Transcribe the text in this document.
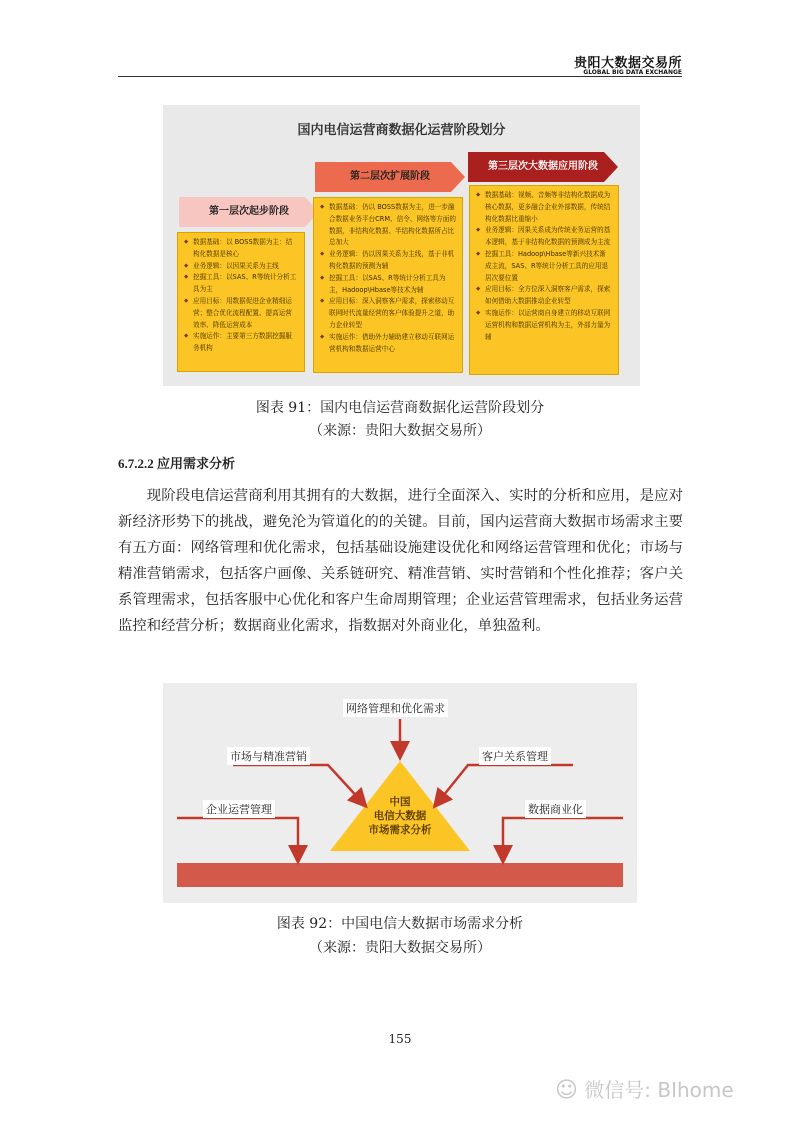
贵阳大数据交易所
GLOBAL BIG DATA EXCHANGE
国内电信运营商数据化运营阶段划分
第一层次起步阶段
第二层次扩展阶段
第三层次大数据应用阶段
◆ 数据基础：以 BOSS数据为主：结构化数据是核心
◆ 业务逻辑：以因果关系为主线
◆ 挖掘工具：以SAS、R等统计分析工具为主
◆ 应用目标：用数据促进企业精细运营；整合优化流程配置、提高运营效率、降低运营成本
◆ 实施运作：主要第三方数据挖掘服务机构
◆ 数据基础：仍以 BOSS数据为主，进一步融合数据业务平台CRM、信令、网络等方面的数据，非结构化数据、半结构化数据所占比总加大
◆ 业务逻辑：仍以因果关系为主线，基于非机构化数据的预测为辅
◆ 挖掘工具：以SAS、R等统计分析工具为主，Hadoop\Hbase等技术为辅
◆ 应用目标：深入洞察客户需求，探索移动互联网时代流量经营的客户体验提升之道，助力企业转型
◆ 实施运作：借助外力辅助建立移动互联网运营机构和数据运营中心
◆ 数据基础：视频、音频等非结构化数据成为核心数据，更多融合企业外部数据，传统结构化数据比重缩小
◆ 业务逻辑：因果关系成为传统业务运营的基本逻辑，基于非结构化数据的预测成为主流
◆ 挖掘工具：Hadoop\Hbase等新兴技术渐成主流，SAS、R等统计分析工具的应用退居次要位置
◆ 应用目标：全方位深入洞察客户需求，探索如何借助大数据推动企业转型
◆ 实施运作：以运营商自身建立的移动互联网运营机构和数据运营机构为主，外部力量为辅
图表 91：国内电信运营商数据化运营阶段划分
（来源：贵阳大数据交易所）
6.7.2.2 应用需求分析

现阶段电信运营商利用其拥有的大数据，进行全面深入、实时的分析和应用，是应对新经济形势下的挑战，避免沦为管道化的的关键。目前，国内运营商大数据市场需求主要有五方面：网络管理和优化需求，包括基础设施建设优化和网络运营管理和优化；市场与精准营销需求，包括客户画像、关系链研究、精准营销、实时营销和个性化推荐；客户关系管理需求，包括客服中心优化和客户生命周期管理；企业运营管理需求，包括业务运营监控和经营分析；数据商业化需求，指数据对外商业化，单独盈利。

网络管理和优化需求
市场与精准营销	客户关系管理
企业运营管理	数据商业化
中国
电信大数据
市场需求分析
图表 92：中国电信大数据市场需求分析
（来源：贵阳大数据交易所）
155
☺ 微信号: BIhome
